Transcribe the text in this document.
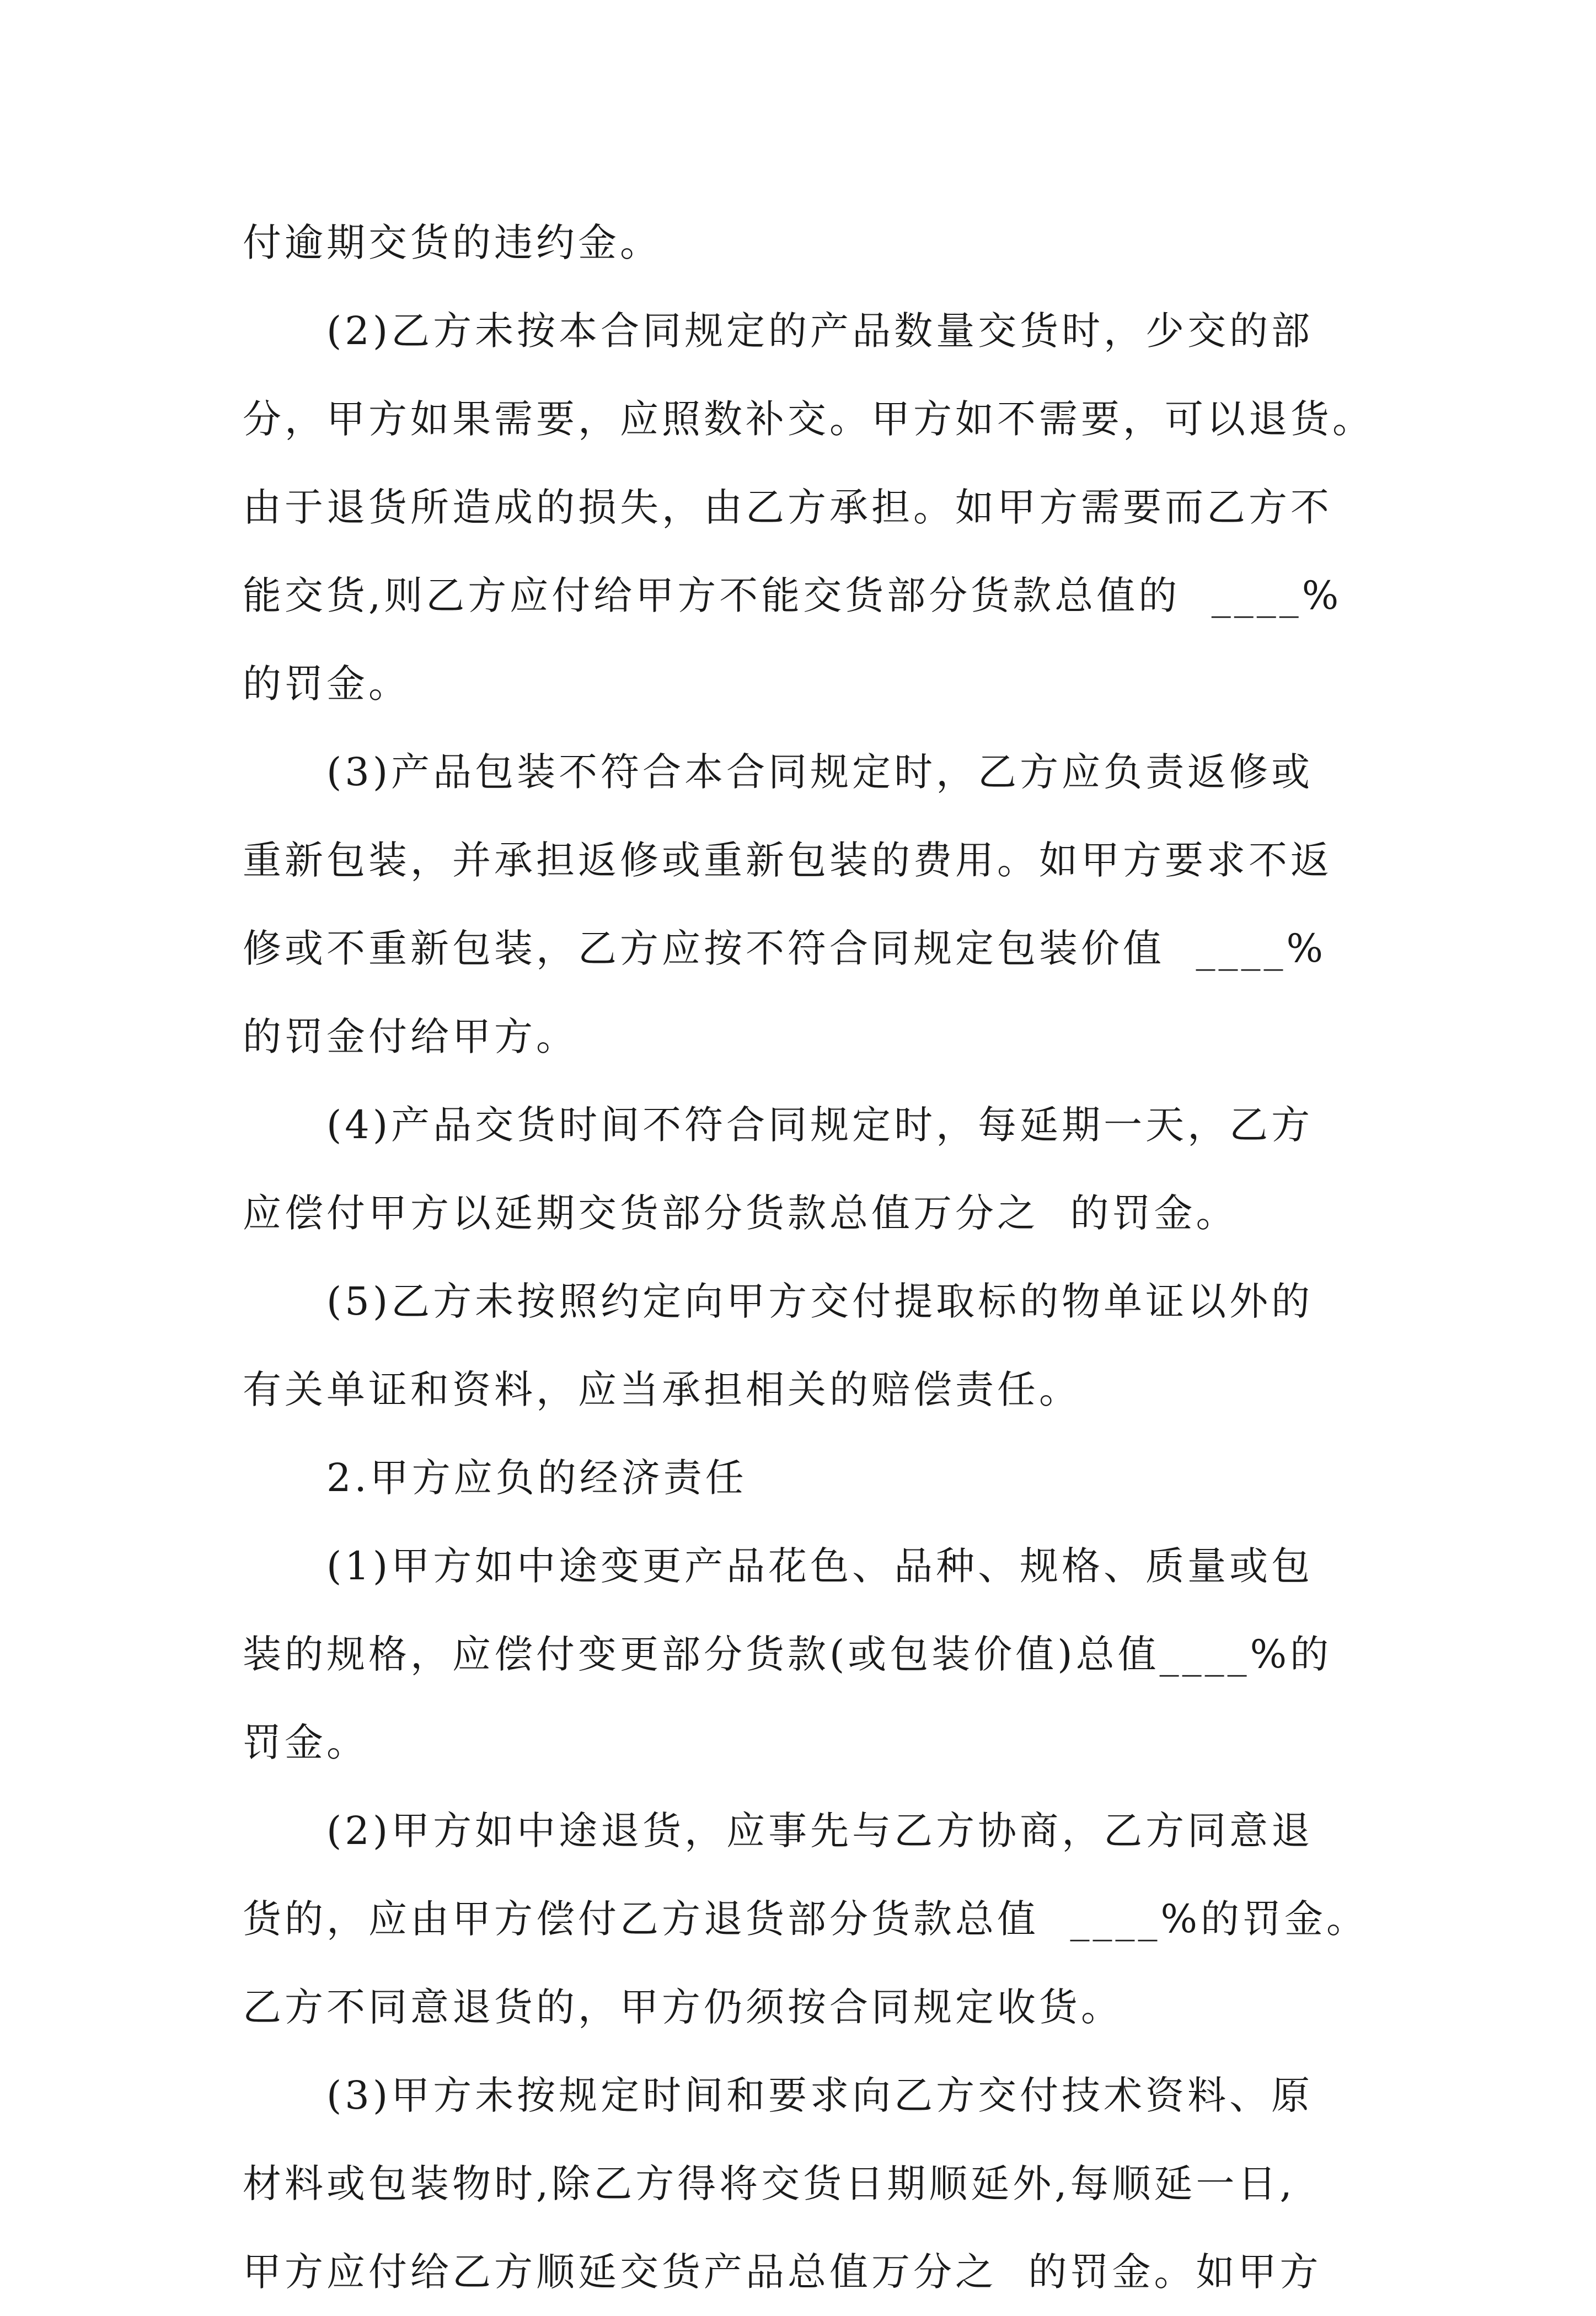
付逾期交货的违约金。

(2)乙方未按本合同规定的产品数量交货时，少交的部
分，甲方如果需要，应照数补交。甲方如不需要，可以退货。
由于退货所造成的损失，由乙方承担。如甲方需要而乙方不
能交货,则乙方应付给甲方不能交货部分货款总值的  ____%
的罚金。

(3)产品包装不符合本合同规定时，乙方应负责返修或
重新包装，并承担返修或重新包装的费用。如甲方要求不返
修或不重新包装，乙方应按不符合同规定包装价值  ____%
的罚金付给甲方。

(4)产品交货时间不符合同规定时，每延期一天，乙方
应偿付甲方以延期交货部分货款总值万分之  的罚金。

(5)乙方未按照约定向甲方交付提取标的物单证以外的
有关单证和资料，应当承担相关的赔偿责任。

2.甲方应负的经济责任

(1)甲方如中途变更产品花色、品种、规格、质量或包
装的规格，应偿付变更部分货款(或包装价值)总值____%的
罚金。

(2)甲方如中途退货，应事先与乙方协商，乙方同意退
货的，应由甲方偿付乙方退货部分货款总值  ____%的罚金。
乙方不同意退货的，甲方仍须按合同规定收货。

(3)甲方未按规定时间和要求向乙方交付技术资料、原
材料或包装物时,除乙方得将交货日期顺延外,每顺延一日,
甲方应付给乙方顺延交货产品总值万分之  的罚金。如甲方
